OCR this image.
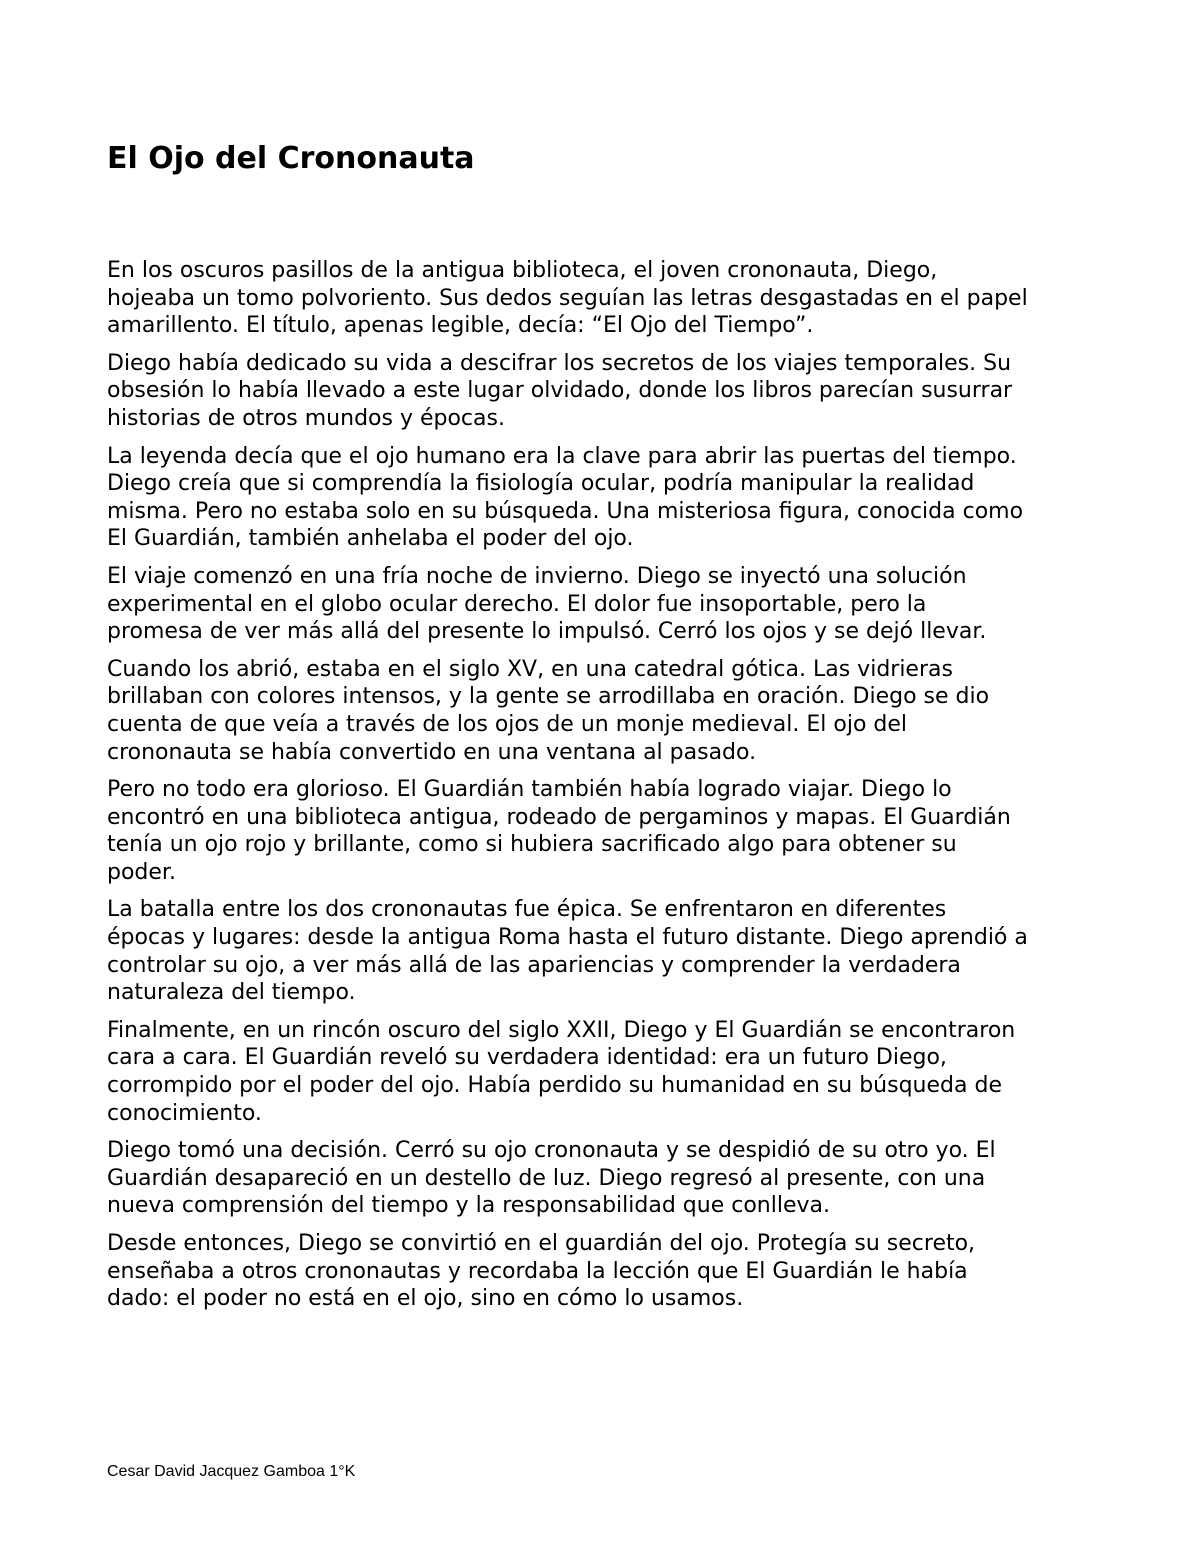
El Ojo del Crononauta

En los oscuros pasillos de la antigua biblioteca, el joven crononauta, Diego,
hojeaba un tomo polvoriento. Sus dedos seguían las letras desgastadas en el papel
amarillento. El título, apenas legible, decía: “El Ojo del Tiempo”.

Diego había dedicado su vida a descifrar los secretos de los viajes temporales. Su
obsesión lo había llevado a este lugar olvidado, donde los libros parecían susurrar
historias de otros mundos y épocas.

La leyenda decía que el ojo humano era la clave para abrir las puertas del tiempo.
Diego creía que si comprendía la fisiología ocular, podría manipular la realidad
misma. Pero no estaba solo en su búsqueda. Una misteriosa figura, conocida como
El Guardián, también anhelaba el poder del ojo.

El viaje comenzó en una fría noche de invierno. Diego se inyectó una solución
experimental en el globo ocular derecho. El dolor fue insoportable, pero la
promesa de ver más allá del presente lo impulsó. Cerró los ojos y se dejó llevar.

Cuando los abrió, estaba en el siglo XV, en una catedral gótica. Las vidrieras
brillaban con colores intensos, y la gente se arrodillaba en oración. Diego se dio
cuenta de que veía a través de los ojos de un monje medieval. El ojo del
crononauta se había convertido en una ventana al pasado.

Pero no todo era glorioso. El Guardián también había logrado viajar. Diego lo
encontró en una biblioteca antigua, rodeado de pergaminos y mapas. El Guardián
tenía un ojo rojo y brillante, como si hubiera sacrificado algo para obtener su
poder.

La batalla entre los dos crononautas fue épica. Se enfrentaron en diferentes
épocas y lugares: desde la antigua Roma hasta el futuro distante. Diego aprendió a
controlar su ojo, a ver más allá de las apariencias y comprender la verdadera
naturaleza del tiempo.

Finalmente, en un rincón oscuro del siglo XXII, Diego y El Guardián se encontraron
cara a cara. El Guardián reveló su verdadera identidad: era un futuro Diego,
corrompido por el poder del ojo. Había perdido su humanidad en su búsqueda de
conocimiento.

Diego tomó una decisión. Cerró su ojo crononauta y se despidió de su otro yo. El
Guardián desapareció en un destello de luz. Diego regresó al presente, con una
nueva comprensión del tiempo y la responsabilidad que conlleva.

Desde entonces, Diego se convirtió en el guardián del ojo. Protegía su secreto,
enseñaba a otros crononautas y recordaba la lección que El Guardián le había
dado: el poder no está en el ojo, sino en cómo lo usamos.

Cesar David Jacquez Gamboa 1°K
